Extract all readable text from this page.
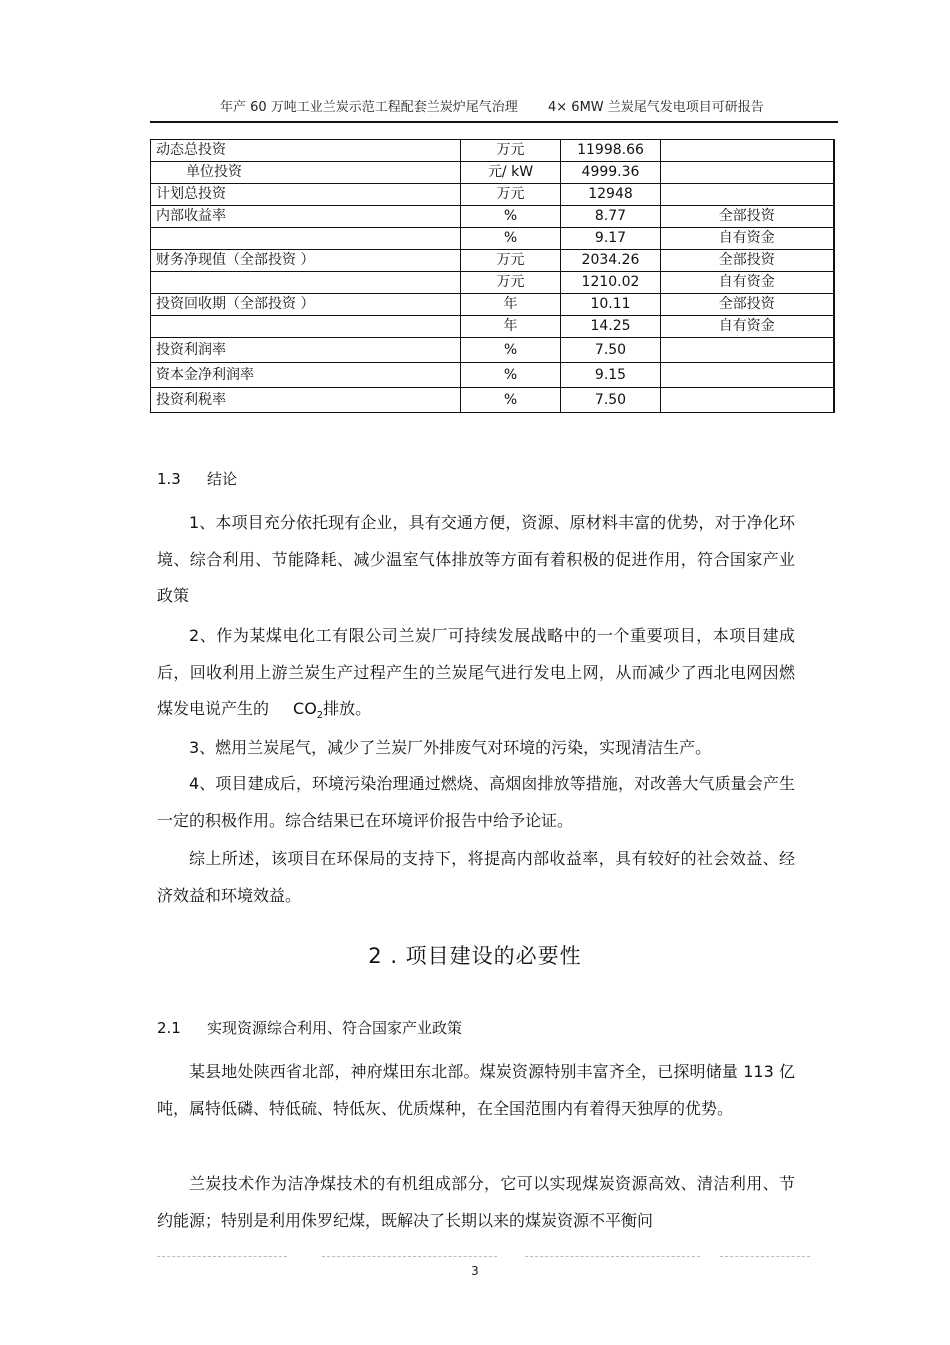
年产 60 万吨工业兰炭示范工程配套兰炭炉尾气治理 4× 6MW 兰炭尾气发电项目可研报告
动态总投资	万元	11998.66	
单位投资	元/ kW	4999.36	
计划总投资	万元	12948	
内部收益率	%	8.77	全部投资
	%	9.17	自有资金
财务净现值（全部投资 ）	万元	2034.26	全部投资
	万元	1210.02	自有资金
投资回收期（全部投资 ）	年	10.11	全部投资
	年	14.25	自有资金
投资利润率	%	7.50	
资本金净利润率	%	9.15	
投资利税率	%	7.50	
1.3 结论
1、本项目充分依托现有企业，具有交通方便，资源、原材料丰富的优势，对于净化环境、综合利用、节能降耗、减少温室气体排放等方面有着积极的促进作用，符合国家产业政策
2、作为某煤电化工有限公司兰炭厂可持续发展战略中的一个重要项目，本项目建成后，回收利用上游兰炭生产过程产生的兰炭尾气进行发电上网，从而减少了西北电网因燃煤发电说产生的 $CO_2$排放。
3、燃用兰炭尾气，减少了兰炭厂外排废气对环境的污染，实现清洁生产。
4、项目建成后，环境污染治理通过燃烧、高烟囱排放等措施，对改善大气质量会产生一定的积极作用。综合结果已在环境评价报告中给予论证。
综上所述，该项目在环保局的支持下，将提高内部收益率，具有较好的社会效益、经济效益和环境效益。
2 . 项目建设的必要性
2.1 实现资源综合利用、符合国家产业政策
某县地处陕西省北部，神府煤田东北部。煤炭资源特别丰富齐全，已探明储量 113 亿吨，属特低磷、特低硫、特低灰、优质煤种，在全国范围内有着得天独厚的优势。
兰炭技术作为洁净煤技术的有机组成部分，它可以实现煤炭资源高效、清洁利用、节约能源；特别是利用侏罗纪煤，既解决了长期以来的煤炭资源不平衡问
3
